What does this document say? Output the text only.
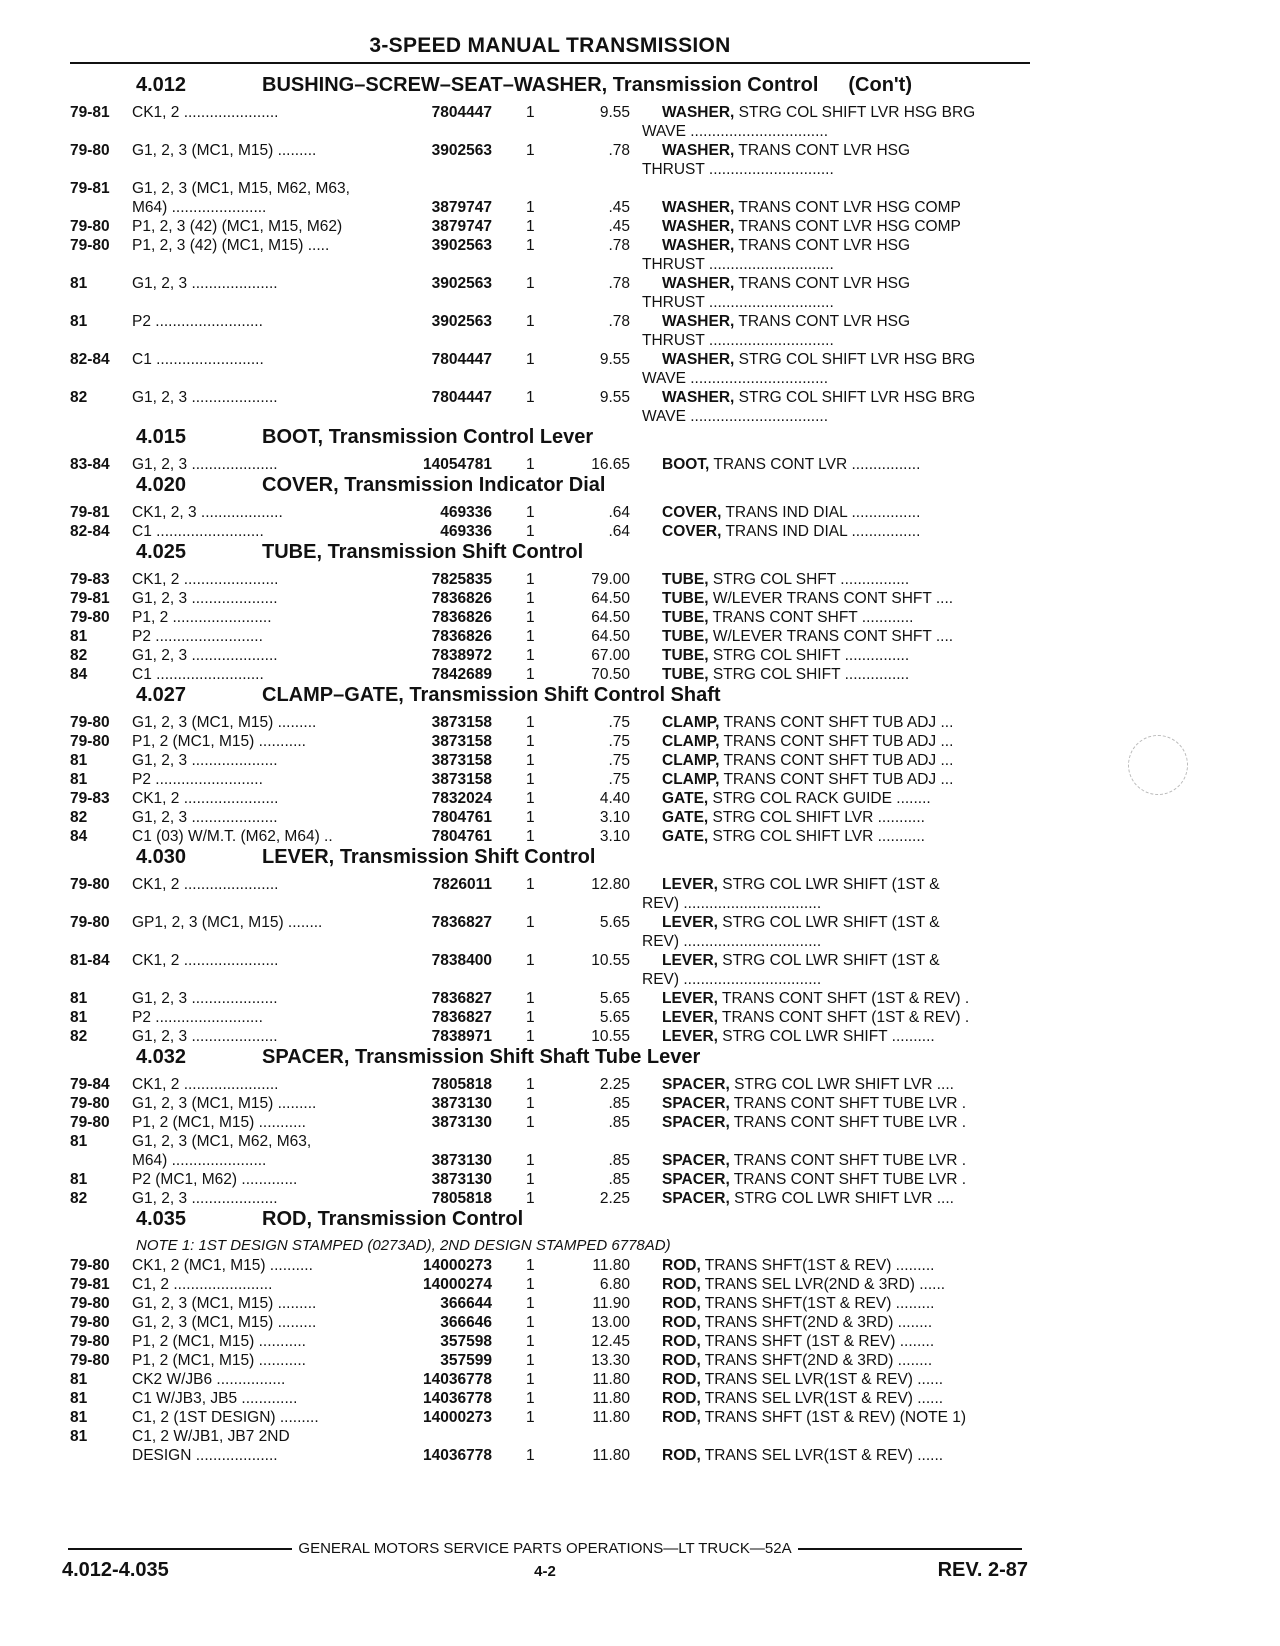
3-SPEED MANUAL TRANSMISSION
4.012	BUSHING–SCREW–SEAT–WASHER, Transmission Control (Con't)
79-81	CK1, 2 ......................	7804447	1	9.55	WASHER, STRG COL SHIFT LVR HSG BRG
WAVE ................................
79-80	G1, 2, 3 (MC1, M15) .........	3902563	1	.78	WASHER, TRANS CONT LVR HSG
THRUST .............................
79-81	G1, 2, 3 (MC1, M15, M62, M63,
M64) ......................	3879747	1	.45	WASHER, TRANS CONT LVR HSG COMP
79-80	P1, 2, 3 (42) (MC1, M15, M62)	3879747	1	.45	WASHER, TRANS CONT LVR HSG COMP
79-80	P1, 2, 3 (42) (MC1, M15) .....	3902563	1	.78	WASHER, TRANS CONT LVR HSG
THRUST .............................
81	G1, 2, 3 ....................	3902563	1	.78	WASHER, TRANS CONT LVR HSG
THRUST .............................
81	P2 .........................	3902563	1	.78	WASHER, TRANS CONT LVR HSG
THRUST .............................
82-84	C1 .........................	7804447	1	9.55	WASHER, STRG COL SHIFT LVR HSG BRG
WAVE ................................
82	G1, 2, 3 ....................	7804447	1	9.55	WASHER, STRG COL SHIFT LVR HSG BRG
WAVE ................................
4.015	BOOT, Transmission Control Lever
83-84	G1, 2, 3 ....................	14054781	1	16.65	BOOT, TRANS CONT LVR ................
4.020	COVER, Transmission Indicator Dial
79-81	CK1, 2, 3 ...................	469336	1	.64	COVER, TRANS IND DIAL ................
82-84	C1 .........................	469336	1	.64	COVER, TRANS IND DIAL ................
4.025	TUBE, Transmission Shift Control
79-83	CK1, 2 ......................	7825835	1	79.00	TUBE, STRG COL SHFT ................
79-81	G1, 2, 3 ....................	7836826	1	64.50	TUBE, W/LEVER TRANS CONT SHFT ....
79-80	P1, 2 .......................	7836826	1	64.50	TUBE, TRANS CONT SHFT ............
81	P2 .........................	7836826	1	64.50	TUBE, W/LEVER TRANS CONT SHFT ....
82	G1, 2, 3 ....................	7838972	1	67.00	TUBE, STRG COL SHIFT ...............
84	C1 .........................	7842689	1	70.50	TUBE, STRG COL SHIFT ...............
4.027	CLAMP–GATE, Transmission Shift Control Shaft
79-80	G1, 2, 3 (MC1, M15) .........	3873158	1	.75	CLAMP, TRANS CONT SHFT TUB ADJ ...
79-80	P1, 2 (MC1, M15) ...........	3873158	1	.75	CLAMP, TRANS CONT SHFT TUB ADJ ...
81	G1, 2, 3 ....................	3873158	1	.75	CLAMP, TRANS CONT SHFT TUB ADJ ...
81	P2 .........................	3873158	1	.75	CLAMP, TRANS CONT SHFT TUB ADJ ...
79-83	CK1, 2 ......................	7832024	1	4.40	GATE, STRG COL RACK GUIDE ........
82	G1, 2, 3 ....................	7804761	1	3.10	GATE, STRG COL SHIFT LVR ...........
84	C1 (03) W/M.T. (M62, M64) ..	7804761	1	3.10	GATE, STRG COL SHIFT LVR ...........
4.030	LEVER, Transmission Shift Control
79-80	CK1, 2 ......................	7826011	1	12.80	LEVER, STRG COL LWR SHIFT (1ST &
REV) ................................
79-80	GP1, 2, 3 (MC1, M15) ........	7836827	1	5.65	LEVER, STRG COL LWR SHIFT (1ST &
REV) ................................
81-84	CK1, 2 ......................	7838400	1	10.55	LEVER, STRG COL LWR SHIFT (1ST &
REV) ................................
81	G1, 2, 3 ....................	7836827	1	5.65	LEVER, TRANS CONT SHFT (1ST & REV) .
81	P2 .........................	7836827	1	5.65	LEVER, TRANS CONT SHFT (1ST & REV) .
82	G1, 2, 3 ....................	7838971	1	10.55	LEVER, STRG COL LWR SHIFT ..........
4.032	SPACER, Transmission Shift Shaft Tube Lever
79-84	CK1, 2 ......................	7805818	1	2.25	SPACER, STRG COL LWR SHIFT LVR ....
79-80	G1, 2, 3 (MC1, M15) .........	3873130	1	.85	SPACER, TRANS CONT SHFT TUBE LVR .
79-80	P1, 2 (MC1, M15) ...........	3873130	1	.85	SPACER, TRANS CONT SHFT TUBE LVR .
81	G1, 2, 3 (MC1, M62, M63,
M64) ......................	3873130	1	.85	SPACER, TRANS CONT SHFT TUBE LVR .
81	P2 (MC1, M62) .............	3873130	1	.85	SPACER, TRANS CONT SHFT TUBE LVR .
82	G1, 2, 3 ....................	7805818	1	2.25	SPACER, STRG COL LWR SHIFT LVR ....
4.035	ROD, Transmission Control
NOTE 1: 1ST DESIGN STAMPED (0273AD), 2ND DESIGN STAMPED 6778AD)
79-80	CK1, 2 (MC1, M15) ..........	14000273	1	11.80	ROD, TRANS SHFT(1ST & REV) .........
79-81	C1, 2 .......................	14000274	1	6.80	ROD, TRANS SEL LVR(2ND & 3RD) ......
79-80	G1, 2, 3 (MC1, M15) .........	366644	1	11.90	ROD, TRANS SHFT(1ST & REV) .........
79-80	G1, 2, 3 (MC1, M15) .........	366646	1	13.00	ROD, TRANS SHFT(2ND & 3RD) ........
79-80	P1, 2 (MC1, M15) ...........	357598	1	12.45	ROD, TRANS SHFT (1ST & REV) ........
79-80	P1, 2 (MC1, M15) ...........	357599	1	13.30	ROD, TRANS SHFT(2ND & 3RD) ........
81	CK2 W/JB6 ................	14036778	1	11.80	ROD, TRANS SEL LVR(1ST & REV) ......
81	C1 W/JB3, JB5 .............	14036778	1	11.80	ROD, TRANS SEL LVR(1ST & REV) ......
81	C1, 2 (1ST DESIGN) .........	14000273	1	11.80	ROD, TRANS SHFT (1ST & REV) (NOTE 1)
81	C1, 2 W/JB1, JB7 2ND
DESIGN ...................	14036778	1	11.80	ROD, TRANS SEL LVR(1ST & REV) ......
GENERAL MOTORS SERVICE PARTS OPERATIONS—LT TRUCK—52A
4.012-4.035	4-2	REV. 2-87
